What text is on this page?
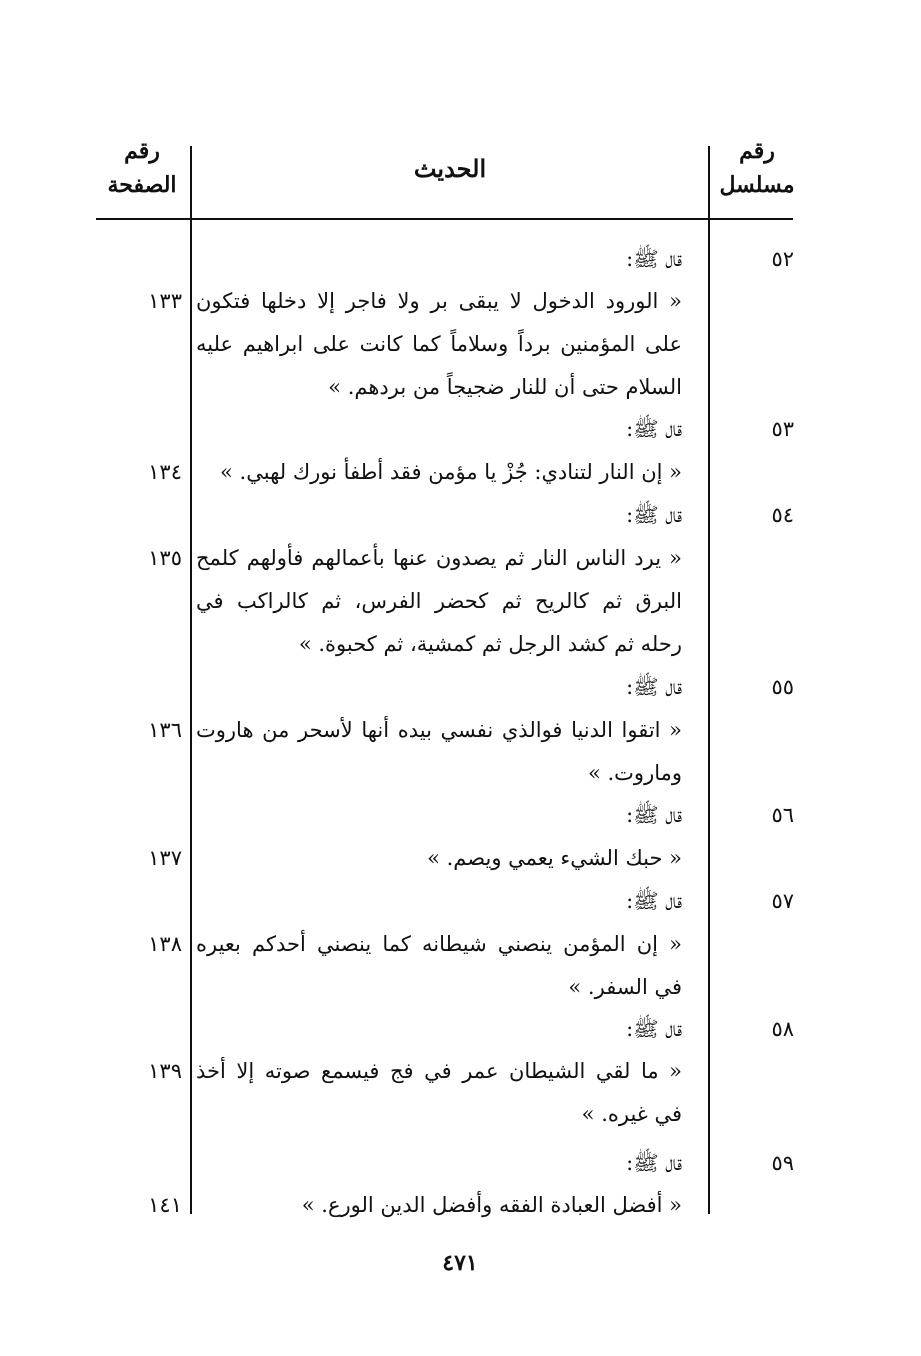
رقم مسلسل
الحديث
رقم الصفحة
٥٢
قال ﷺ:
« الورود الدخول لا يبقى بر ولا فاجر إلا دخلها فتكون
١٣٣
على المؤمنين برداً وسلاماً كما كانت على ابراهيم عليه
السلام حتى أن للنار ضجيجاً من بردهم. »
٥٣
قال ﷺ:
« إن النار لتنادي: جُزْ يا مؤمن فقد أطفأ نورك لهبي. »
١٣٤
٥٤
قال ﷺ:
« يرد الناس النار ثم يصدون عنها بأعمالهم فأولهم كلمح
١٣٥
البرق ثم كالريح ثم كحضر الفرس، ثم كالراكب في
رحله ثم كشد الرجل ثم كمشية، ثم كحبوة. »
٥٥
قال ﷺ:
« اتقوا الدنيا فوالذي نفسي بيده أنها لأسحر من هاروت
١٣٦
وماروت. »
٥٦
قال ﷺ:
« حبك الشيء يعمي ويصم. »
١٣٧
٥٧
قال ﷺ:
« إن المؤمن ينصني شيطانه كما ينصني أحدكم بعيره
١٣٨
في السفر. »
٥٨
قال ﷺ:
« ما لقي الشيطان عمر في فج فيسمع صوته إلا أخذ
١٣٩
في غيره. »
٥٩
قال ﷺ:
« أفضل العبادة الفقه وأفضل الدين الورع. »
١٤١
٤٧١
